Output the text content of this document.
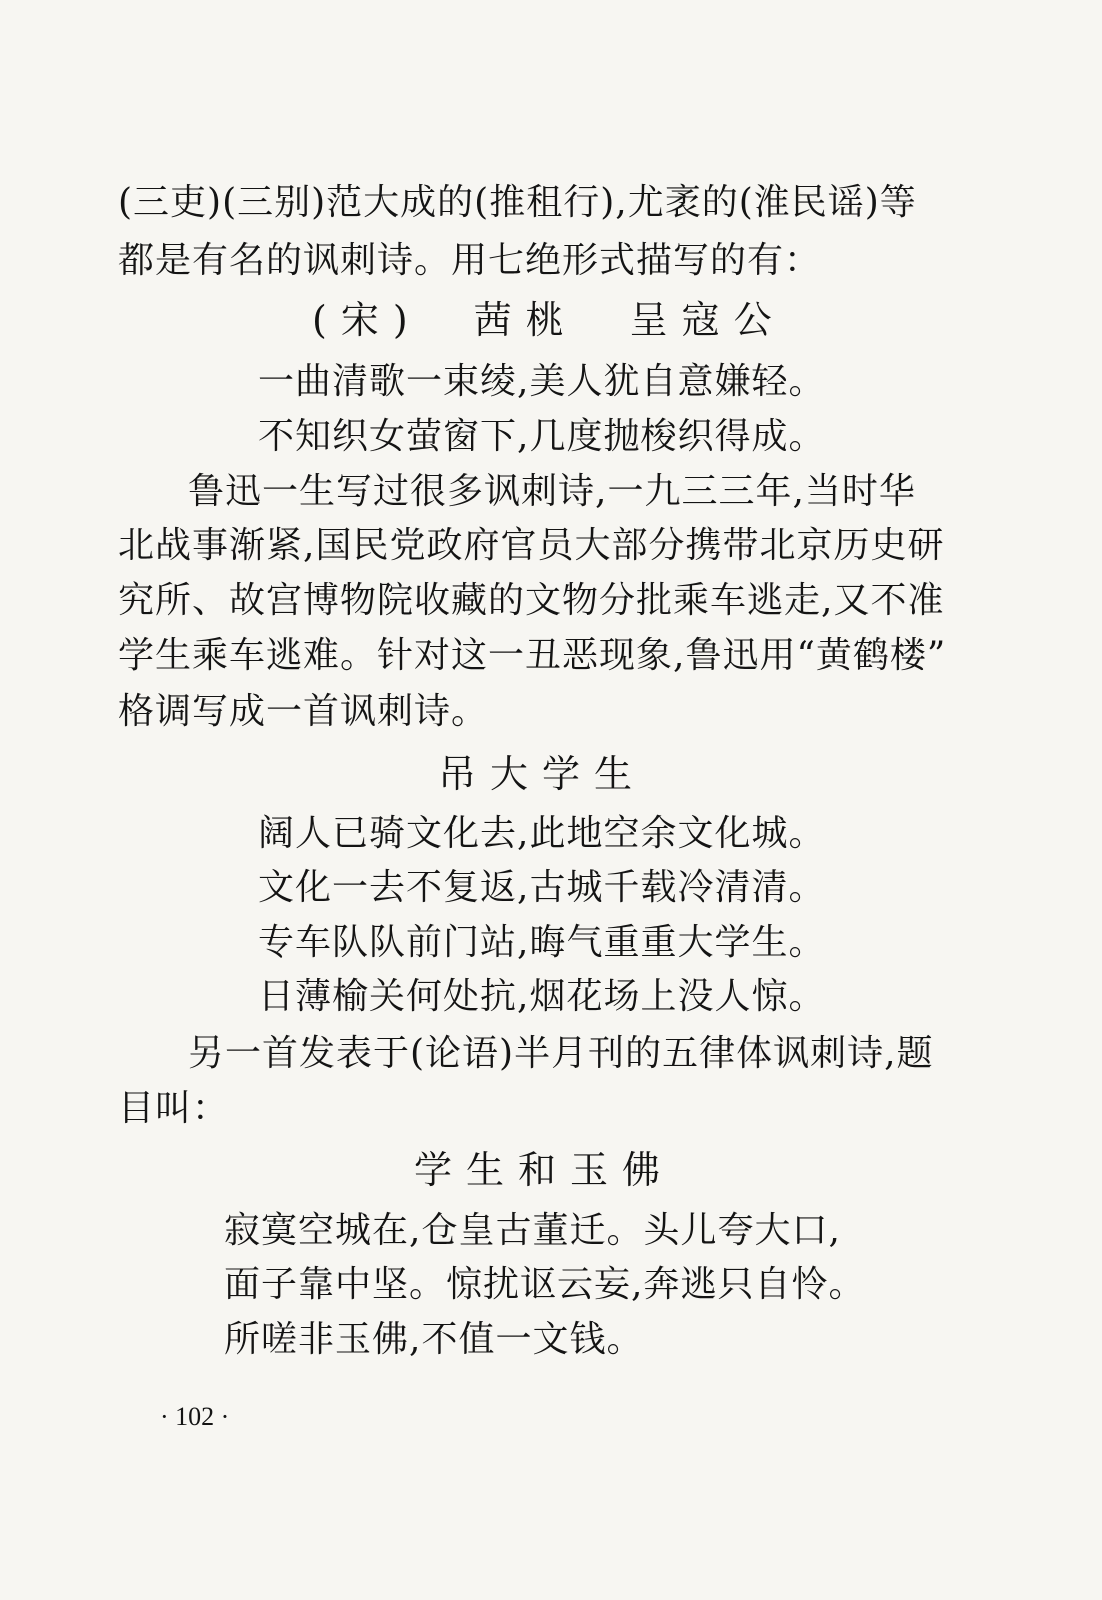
(三吏)(三别)范大成的(推租行),尤袤的(淮民谣)等
都是有名的讽刺诗。用七绝形式描写的有：
(宋)　茜桃　呈寇公
一曲清歌一束绫,美人犹自意嫌轻。
不知织女萤窗下,几度抛梭织得成。
鲁迅一生写过很多讽刺诗,一九三三年,当时华
北战事渐紧,国民党政府官员大部分携带北京历史研
究所、故宫博物院收藏的文物分批乘车逃走,又不准
学生乘车逃难。针对这一丑恶现象,鲁迅用“黄鹤楼”
格调写成一首讽刺诗。
吊大学生
阔人已骑文化去,此地空余文化城。
文化一去不复返,古城千载冷清清。
专车队队前门站,晦气重重大学生。
日薄榆关何处抗,烟花场上没人惊。
另一首发表于(论语)半月刊的五律体讽刺诗,题
目叫：
学生和玉佛
寂寞空城在,仓皇古董迁。头儿夸大口,
面子靠中坚。惊扰讴云妄,奔逃只自怜。
所嗟非玉佛,不值一文钱。
· 102 ·
